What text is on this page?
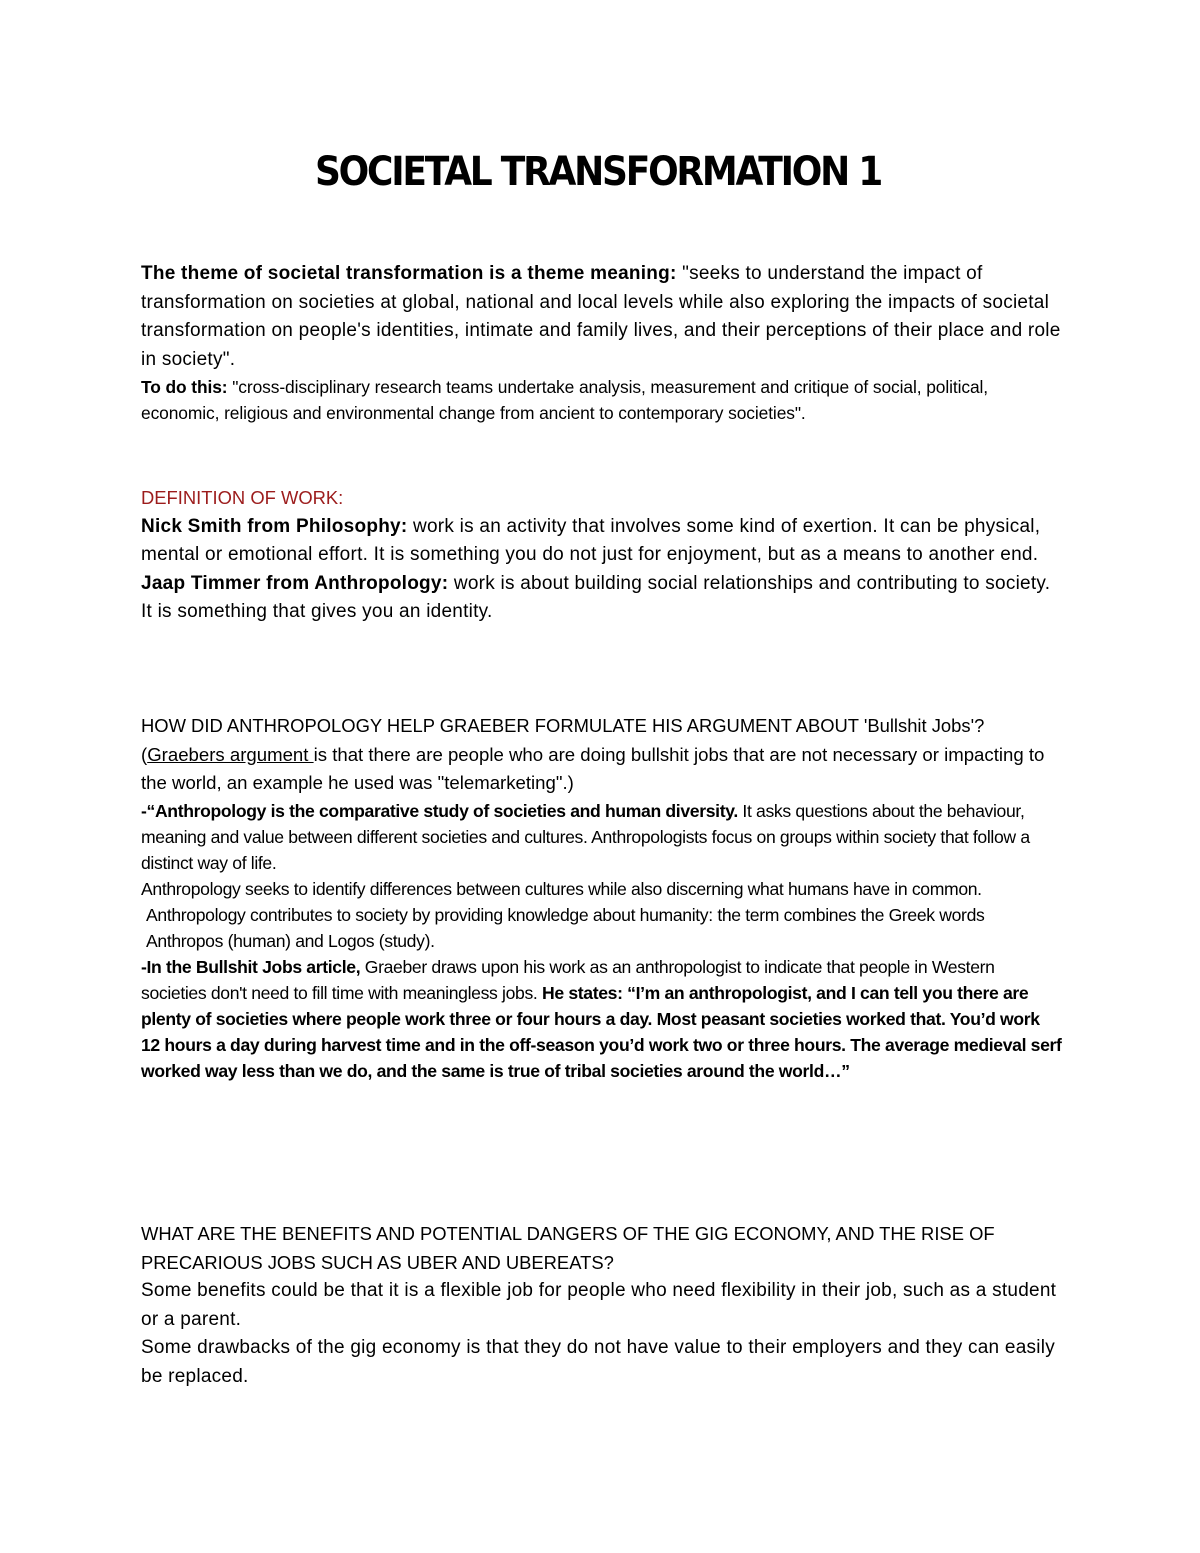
SOCIETAL TRANSFORMATION 1

The theme of societal transformation is a theme meaning: "seeks to understand the impact of transformation on societies at global, national and local levels while also exploring the impacts of societal transformation on people's identities, intimate and family lives, and their perceptions of their place and role in society".

To do this: "cross-disciplinary research teams undertake analysis, measurement and critique of social, political, economic, religious and environmental change from ancient to contemporary societies".

DEFINITION OF WORK:

Nick Smith from Philosophy: work is an activity that involves some kind of exertion. It can be physical, mental or emotional effort. It is something you do not just for enjoyment, but as a means to another end.

Jaap Timmer from Anthropology: work is about building social relationships and contributing to society. It is something that gives you an identity.

HOW DID ANTHROPOLOGY HELP GRAEBER FORMULATE HIS ARGUMENT ABOUT 'Bullshit Jobs'?

(Graebers argument is that there are people who are doing bullshit jobs that are not necessary or impacting to the world, an example he used was "telemarketing".)

-“Anthropology is the comparative study of societies and human diversity. It asks questions about the behaviour, meaning and value between different societies and cultures. Anthropologists focus on groups within society that follow a distinct way of life.

Anthropology seeks to identify differences between cultures while also discerning what humans have in common.

Anthropology contributes to society by providing knowledge about humanity: the term combines the Greek words Anthropos (human) and Logos (study).

-In the Bullshit Jobs article, Graeber draws upon his work as an anthropologist to indicate that people in Western societies don't need to fill time with meaningless jobs. He states: “I’m an anthropologist, and I can tell you there are plenty of societies where people work three or four hours a day. Most peasant societies worked that. You’d work 12 hours a day during harvest time and in the off-season you’d work two or three hours. The average medieval serf worked way less than we do, and the same is true of tribal societies around the world…”

WHAT ARE THE BENEFITS AND POTENTIAL DANGERS OF THE GIG ECONOMY, AND THE RISE OF PRECARIOUS JOBS SUCH AS UBER AND UBEREATS?

Some benefits could be that it is a flexible job for people who need flexibility in their job, such as a student or a parent.

Some drawbacks of the gig economy is that they do not have value to their employers and they can easily be replaced.
